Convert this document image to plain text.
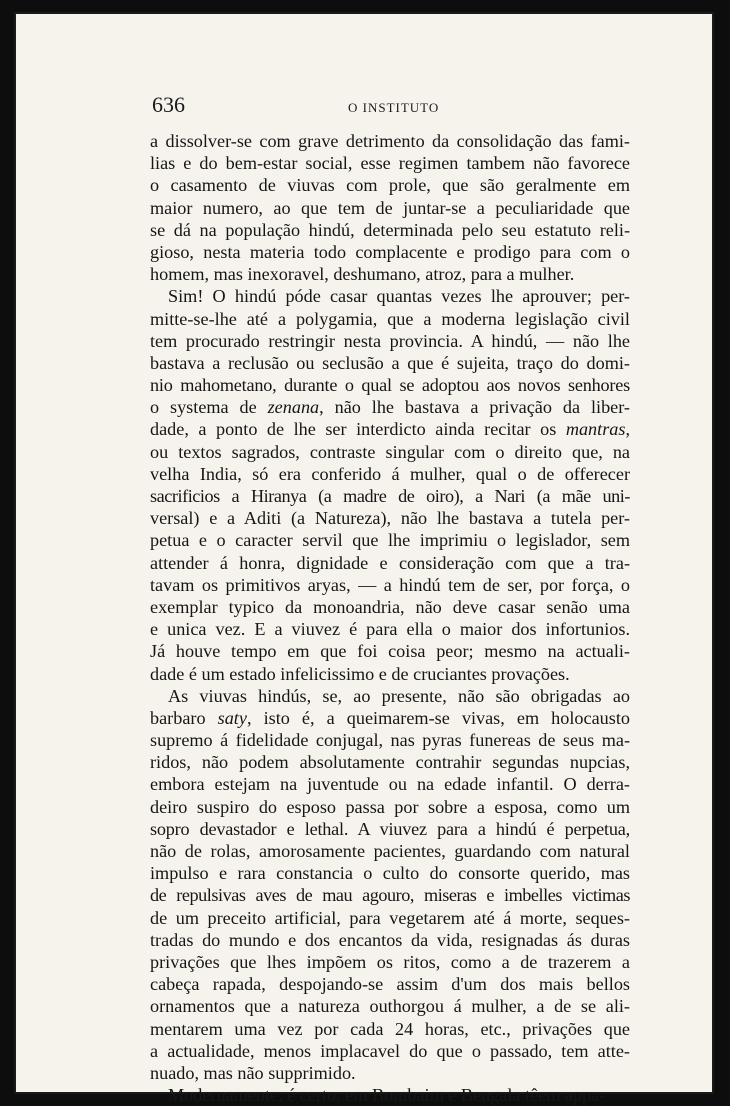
636	O INSTITUTO
a dissolver-se com grave detrimento da consolidação das fami-
lias e do bem-estar social, esse regimen tambem não favorece
o casamento de viuvas com prole, que são geralmente em
maior numero, ao que tem de juntar-se a peculiaridade que
se dá na população hindú, determinada pelo seu estatuto reli-
gioso, nesta materia todo complacente e prodigo para com o
homem, mas inexoravel, deshumano, atroz, para a mulher.
Sim! O hindú póde casar quantas vezes lhe aprouver; per-
mitte-se-lhe até a polygamia, que a moderna legislação civil
tem procurado restringir nesta provincia. A hindú, — não lhe
bastava a reclusão ou seclusão a que é sujeita, traço do domi-
nio mahometano, durante o qual se adoptou aos novos senhores
o systema de zenana, não lhe bastava a privação da liber-
dade, a ponto de lhe ser interdicto ainda recitar os mantras,
ou textos sagrados, contraste singular com o direito que, na
velha India, só era conferido á mulher, qual o de offerecer
sacrificios a Hiranya (a madre de oiro), a Nari (a mãe uni-
versal) e a Aditi (a Natureza), não lhe bastava a tutela per-
petua e o caracter servil que lhe imprimiu o legislador, sem
attender á honra, dignidade e consideração com que a tra-
tavam os primitivos aryas, — a hindú tem de ser, por força, o
exemplar typico da monoandria, não deve casar senão uma
e unica vez. E a viuvez é para ella o maior dos infortunios.
Já houve tempo em que foi coisa peor; mesmo na actuali-
dade é um estado infelicissimo e de cruciantes provações.
As viuvas hindús, se, ao presente, não são obrigadas ao
barbaro saty, isto é, a queimarem-se vivas, em holocausto
supremo á fidelidade conjugal, nas pyras funereas de seus ma-
ridos, não podem absolutamente contrahir segundas nupcias,
embora estejam na juventude ou na edade infantil. O derra-
deiro suspiro do esposo passa por sobre a esposa, como um
sopro devastador e lethal. A viuvez para a hindú é perpetua,
não de rolas, amorosamente pacientes, guardando com natural
impulso e rara constancia o culto do consorte querido, mas
de repulsivas aves de mau agouro, miseras e imbelles victimas
de um preceito artificial, para vegetarem até á morte, seques-
tradas do mundo e dos encantos da vida, resignadas ás duras
privações que lhes impõem os ritos, como a de trazerem a
cabeça rapada, despojando-se assim d'um dos mais bellos
ornamentos que a natureza outhorgou á mulher, a de se ali-
mentarem uma vez por cada 24 horas, etc., privações que
a actualidade, menos implacavel do que o passado, tem atte-
nuado, mas não supprimido.
Modernamente, é certo, em Bombaim e Bengala têem appa-
